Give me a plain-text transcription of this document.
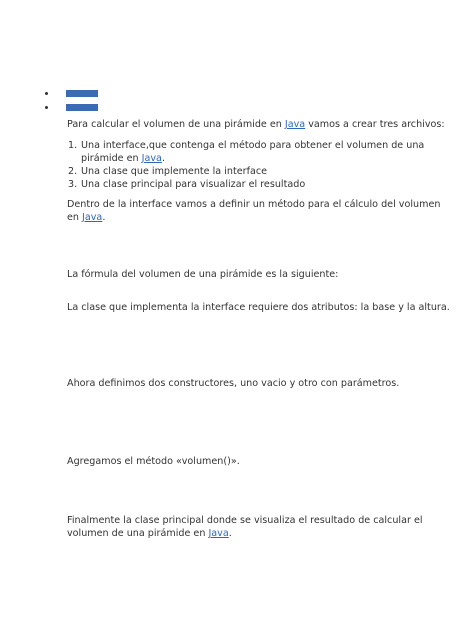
Para calcular el volumen de una pirámide en Java vamos a crear tres archivos:
1. Una interface,que contenga el método para obtener el volumen de una
pirámide en Java.
2. Una clase que implemente la interface
3. Una clase principal para visualizar el resultado
Dentro de la interface vamos a definir un método para el cálculo del volumen
en Java.
La fórmula del volumen de una pirámide es la siguiente:
La clase que implementa la interface requiere dos atributos: la base y la altura.
Ahora definimos dos constructores, uno vacio y otro con parámetros.
Agregamos el método «volumen()».
Finalmente la clase principal donde se visualiza el resultado de calcular el
volumen de una pirámide en Java.
